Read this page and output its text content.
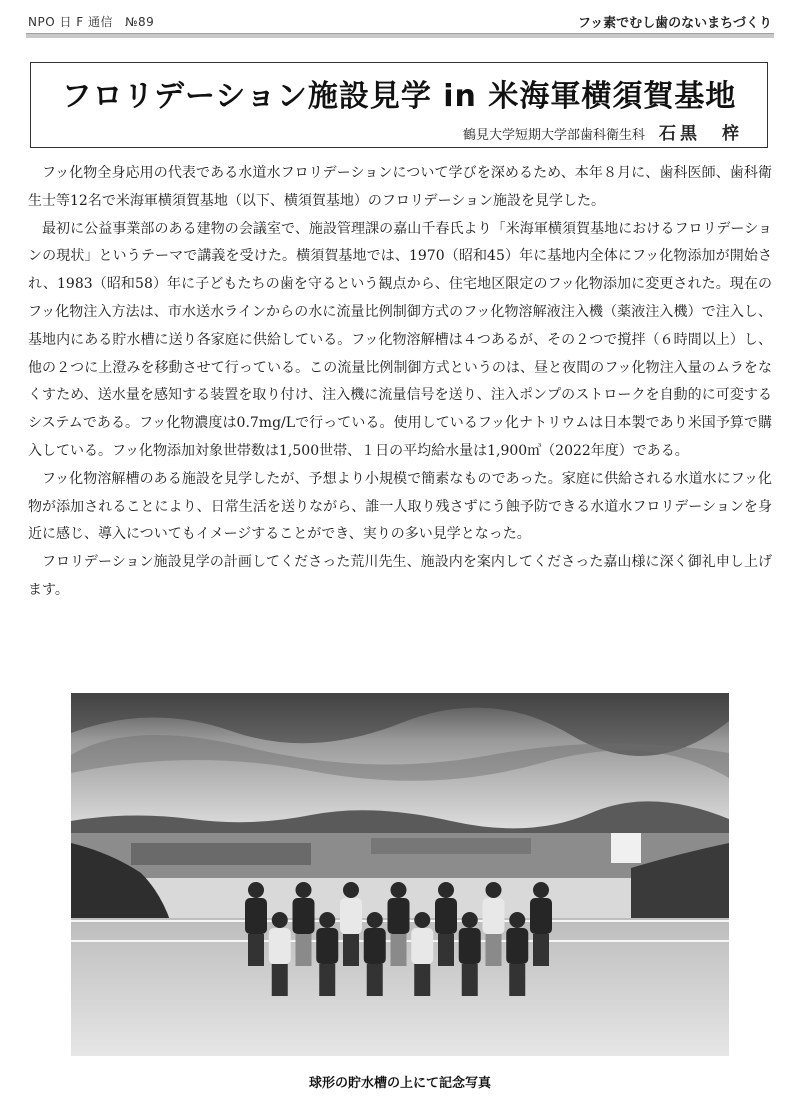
NPO 日 F 通信 №89	フッ素でむし歯のないまちづくり
フロリデーション施設見学 in 米海軍横須賀基地
鶴見大学短期大学部歯科衛生科 石黒　梓

フッ化物全身応用の代表である水道水フロリデーションについて学びを深めるため、本年８月に、歯科医師、歯科衛生士等12名で米海軍横須賀基地（以下、横須賀基地）のフロリデーション施設を見学した。

最初に公益事業部のある建物の会議室で、施設管理課の嘉山千春氏より「米海軍横須賀基地におけるフロリデーションの現状」というテーマで講義を受けた。横須賀基地では、1970（昭和45）年に基地内全体にフッ化物添加が開始され、1983（昭和58）年に子どもたちの歯を守るという観点から、住宅地区限定のフッ化物添加に変更された。現在のフッ化物注入方法は、市水送水ラインからの水に流量比例制御方式のフッ化物溶解液注入機（薬液注入機）で注入し、基地内にある貯水槽に送り各家庭に供給している。フッ化物溶解槽は４つあるが、その２つで撹拌（６時間以上）し、他の２つに上澄みを移動させて行っている。この流量比例制御方式というのは、昼と夜間のフッ化物注入量のムラをなくすため、送水量を感知する装置を取り付け、注入機に流量信号を送り、注入ポンプのストロークを自動的に可変するシステムである。フッ化物濃度は0.7mg/Lで行っている。使用しているフッ化ナトリウムは日本製であり米国予算で購入している。フッ化物添加対象世帯数は1,500世帯、１日の平均給水量は1,900㎥（2022年度）である。

フッ化物溶解槽のある施設を見学したが、予想より小規模で簡素なものであった。家庭に供給される水道水にフッ化物が添加されることにより、日常生活を送りながら、誰一人取り残さずにう蝕予防できる水道水フロリデーションを身近に感じ、導入についてもイメージすることができ、実りの多い見学となった。

フロリデーション施設見学の計画してくださった荒川先生、施設内を案内してくださった嘉山様に深く御礼申し上げます。

球形の貯水槽の上にて記念写真
